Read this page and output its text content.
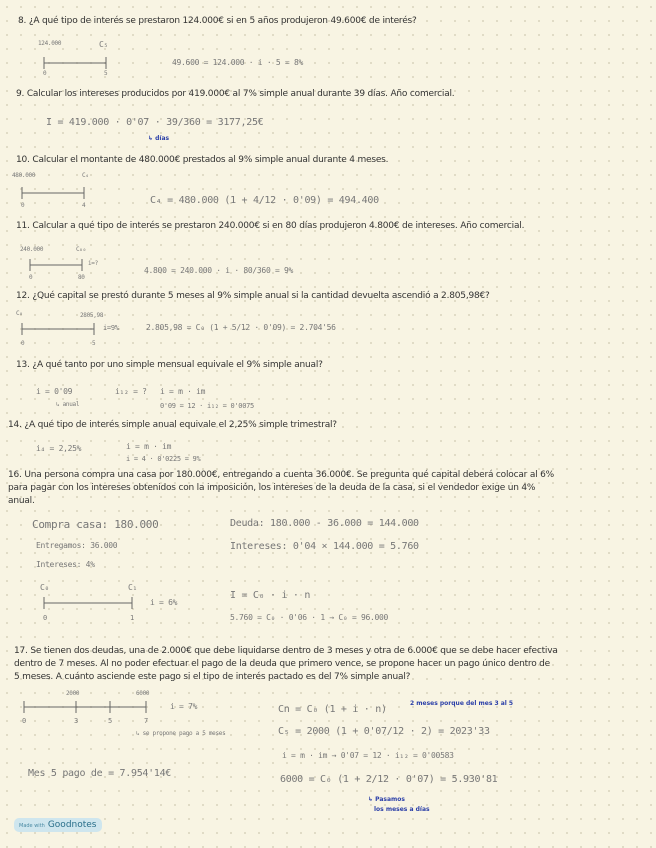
8. ¿A qué tipo de interés se prestaron 124.000€ si en 5 años produjeron 49.600€ de interés?
124.000	C₅
0	5
49.600 = 124.000 · i · 5 = 8%
9. Calcular los intereses producidos por 419.000€ al 7% simple anual durante 39 días. Año comercial.
I = 419.000 · 0'07 · 39/360 = 3177,25€
↳ días
10. Calcular el montante de 480.000€ prestados al 9% simple anual durante 4 meses.
480.000	C₄
0	4	C₄ = 480.000 (1 + 4/12 · 0'09) = 494.400
11. Calcular a qué tipo de interés se prestaron 240.000€ si en 80 días produjeron 4.800€ de intereses. Año comercial.
240.000	C₈₀
i=?
0	80
4.800 = 240.000 · i · 80/360 = 9%
12. ¿Qué capital se prestó durante 5 meses al 9% simple anual si la cantidad devuelta ascendió a 2.805,98€?
C₀	2805,98
i=9%
0	5
2.805,98 = C₀ (1 + 5/12 · 0'09) = 2.704'56
13. ¿A qué tanto por uno simple mensual equivale el 9% simple anual?
i = 0'09	i₁₂ = ? i = m · im
↳ anual	0'09 = 12 · i₁₂ = 0'0075
14. ¿A qué tipo de interés simple anual equivale el 2,25% simple trimestral?
i₄ = 2,25%	i = m · im
i = 4 · 0'0225 = 9%
16. Una persona compra una casa por 180.000€, entregando a cuenta 36.000€. Se pregunta qué capital deberá colocar al 6%
para pagar con los intereses obtenidos con la imposición, los intereses de la deuda de la casa, si el vendedor exige un 4%
anual.
Compra casa: 180.000
Entregamos: 36.000
Intereses: 4%
Deuda: 180.000 - 36.000 = 144.000
Intereses: 0'04 × 144.000 = 5.760
C₀	C₁
i = 6%
0	1
I = C₀ · i · n
5.760 = C₀ · 0'06 · 1 → C₀ = 96.000
17. Se tienen dos deudas, una de 2.000€ que debe liquidarse dentro de 3 meses y otra de 6.000€ que se debe hacer efectiva
dentro de 7 meses. Al no poder efectuar el pago de la deuda que primero vence, se propone hacer un pago único dentro de
5 meses. A cuánto asciende este pago si el tipo de interés pactado es del 7% simple anual?
2000	6000
i = 7%
0	3	5	7
↳ se propone pago a 5 meses
Mes 5 pago de = 7.954'14€
Cn = C₀ (1 + i · n)
C₅ = 2000 (1 + 0'07/12 · 2) = 2023'33
i = m · im → 0'07 = 12 · i₁₂ = 0'00583
6000 = C₀ (1 + 2/12 · 0'07) = 5.930'81
2 meses porque del mes 3 al 5
↳ Pasamos
los meses a días
Made with Goodnotes
